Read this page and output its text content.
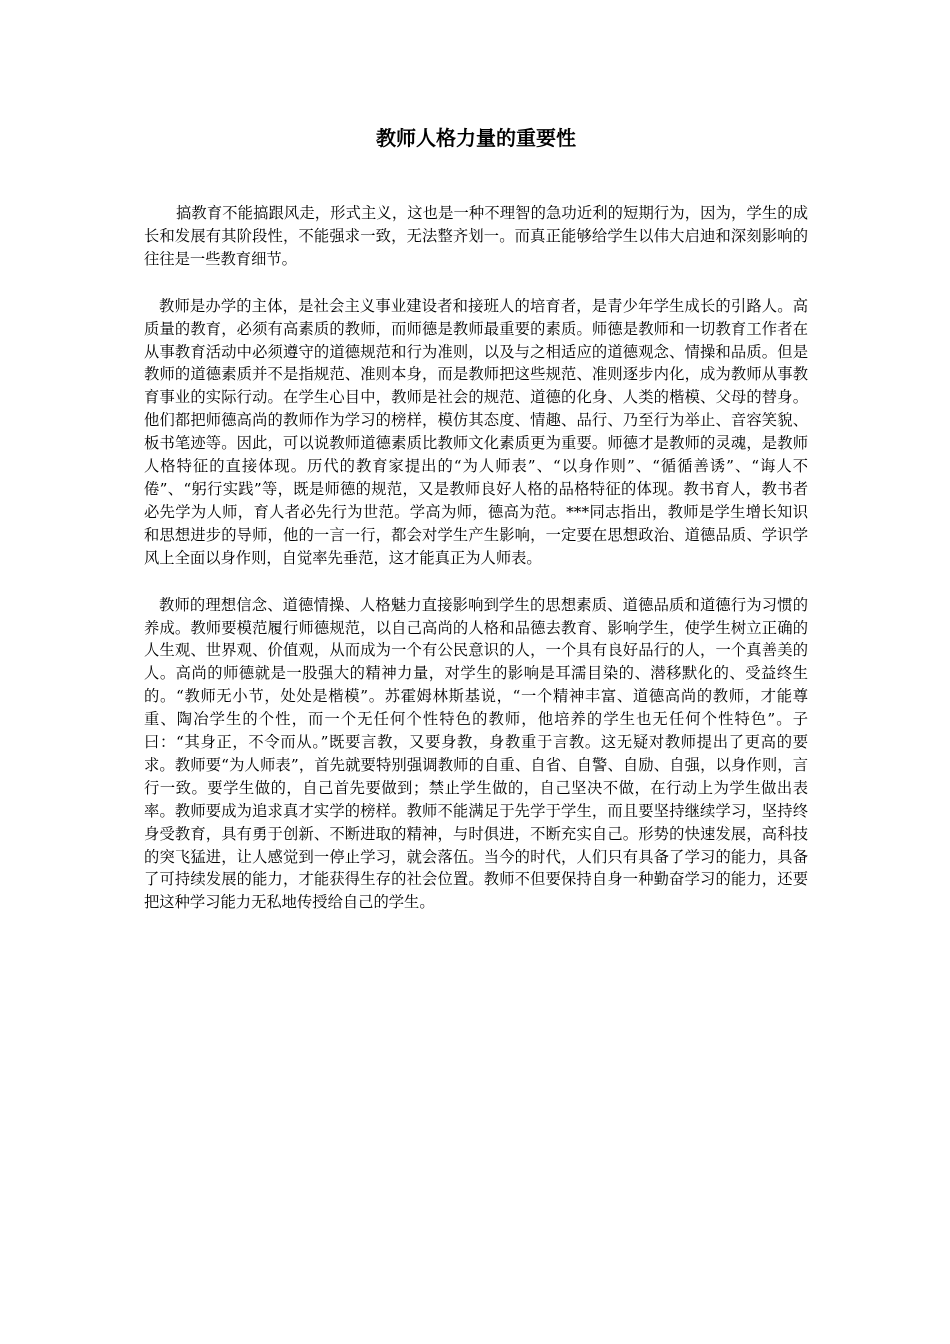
教师人格力量的重要性

搞教育不能搞跟风走，形式主义，这也是一种不理智的急功近利的短期行为，因为，学生的成长和发展有其阶段性，不能强求一致，无法整齐划一。而真正能够给学生以伟大启迪和深刻影响的往往是一些教育细节。

教师是办学的主体，是社会主义事业建设者和接班人的培育者，是青少年学生成长的引路人。高质量的教育，必须有高素质的教师，而师德是教师最重要的素质。师德是教师和一切教育工作者在从事教育活动中必须遵守的道德规范和行为准则，以及与之相适应的道德观念、情操和品质。但是教师的道德素质并不是指规范、准则本身，而是教师把这些规范、准则逐步内化，成为教师从事教育事业的实际行动。在学生心目中，教师是社会的规范、道德的化身、人类的楷模、父母的替身。他们都把师德高尚的教师作为学习的榜样，模仿其态度、情趣、品行、乃至行为举止、音容笑貌、板书笔迹等。因此，可以说教师道德素质比教师文化素质更为重要。师德才是教师的灵魂，是教师人格特征的直接体现。历代的教育家提出的“为人师表”、“以身作则”、“循循善诱”、“诲人不倦”、“躬行实践”等，既是师德的规范，又是教师良好人格的品格特征的体现。教书育人，教书者必先学为人师，育人者必先行为世范。学高为师，德高为范。***同志指出，教师是学生增长知识和思想进步的导师，他的一言一行，都会对学生产生影响，一定要在思想政治、道德品质、学识学风上全面以身作则，自觉率先垂范，这才能真正为人师表。

教师的理想信念、道德情操、人格魅力直接影响到学生的思想素质、道德品质和道德行为习惯的养成。教师要模范履行师德规范，以自己高尚的人格和品德去教育、影响学生，使学生树立正确的人生观、世界观、价值观，从而成为一个有公民意识的人，一个具有良好品行的人，一个真善美的人。高尚的师德就是一股强大的精神力量，对学生的影响是耳濡目染的、潜移默化的、受益终生的。“教师无小节，处处是楷模”。苏霍姆林斯基说，“一个精神丰富、道德高尚的教师，才能尊重、陶冶学生的个性，而一个无任何个性特色的教师，他培养的学生也无任何个性特色”。子曰：“其身正，不令而从。”既要言教，又要身教，身教重于言教。这无疑对教师提出了更高的要求。教师要“为人师表”，首先就要特别强调教师的自重、自省、自警、自励、自强，以身作则，言行一致。要学生做的，自己首先要做到；禁止学生做的，自己坚决不做，在行动上为学生做出表率。教师要成为追求真才实学的榜样。教师不能满足于先学于学生，而且要坚持继续学习，坚持终身受教育，具有勇于创新、不断进取的精神，与时俱进，不断充实自己。形势的快速发展，高科技的突飞猛进，让人感觉到一停止学习，就会落伍。当今的时代，人们只有具备了学习的能力，具备了可持续发展的能力，才能获得生存的社会位置。教师不但要保持自身一种勤奋学习的能力，还要把这种学习能力无私地传授给自己的学生。
